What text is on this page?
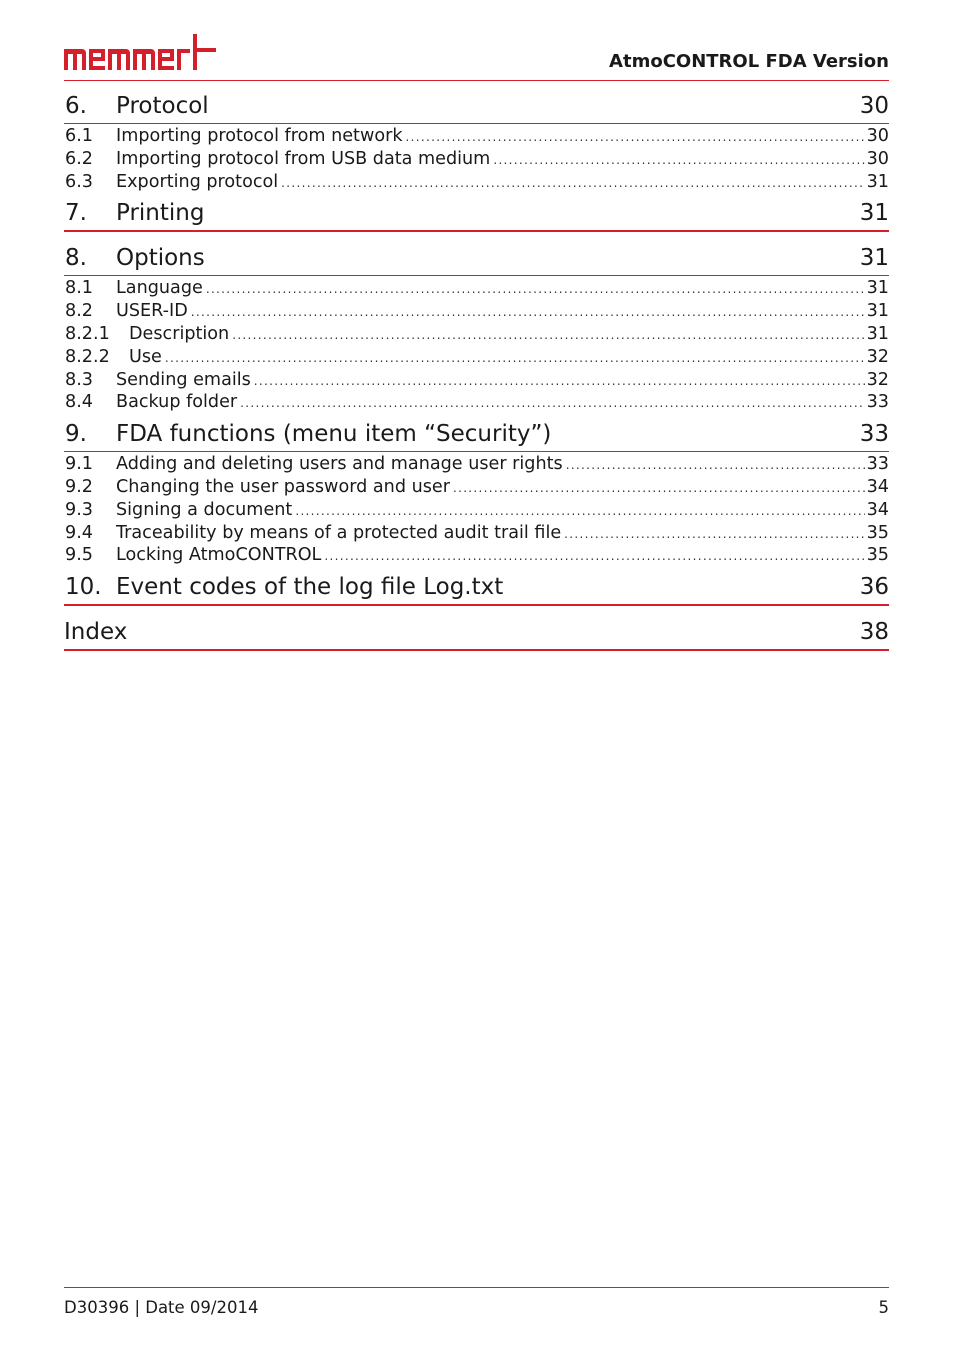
AtmoCONTROL FDA Version
6. Protocol	30
6.1 Importing protocol from network .....	30
6.2 Importing protocol from USB data medium .....	30
6.3 Exporting protocol .....	31
7. Printing	31
8. Options	31
8.1 Language .....	31
8.2 USER-ID .....	31
8.2.1 Description .....	31
8.2.2 Use .....	32
8.3 Sending emails .....	32
8.4 Backup folder .....	33
9. FDA functions (menu item “Security”)	33
9.1 Adding and deleting users and manage user rights .....	33
9.2 Changing the user password and user .....	34
9.3 Signing a document .....	34
9.4 Traceability by means of a protected audit trail file .....	35
9.5 Locking AtmoCONTROL .....	35
10. Event codes of the log file Log.txt	36
Index	38
D30396 | Date 09/2014	5
